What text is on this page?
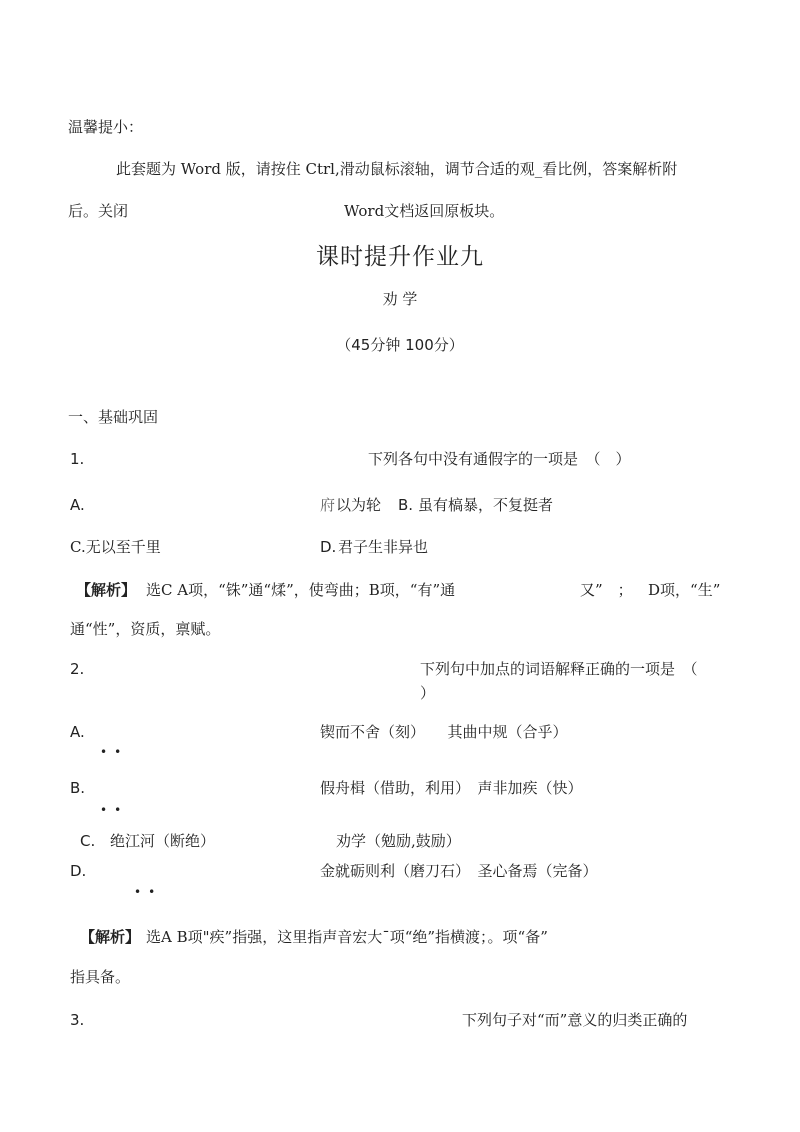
温馨提小：
此套题为 Word 版，请按住 Ctrl,滑动鼠标滚轴，调节合适的观_看比例，答案解析附
后。关闭	Word文档返回原板块。
课时提升作业九
劝 学
（45分钟 100分）
一、基础巩固
1.	下列各句中没有通假字的一项是　（　）
A.	府 以为轮 B. 虽有槁暴，不复挺者
C.无以至千里	D. 君子生非异也
【解析】 选C A项，“铢”通“煣”，使弯曲；B项，“有”通	又”　； D项，“生”
通“性”，资质，禀赋。
2.	下列句中加点的词语解释正确的一项是　（
）
A.	锲而不舍（刻）　　其曲中规（合乎）
••
B.	假舟楫（借助，利用）　声非加疾（快）
••
C. 绝江河（断绝）	劝学（勉励,鼓励）
D.	金就砺则利（磨刀石）　圣心备焉（完备）
••
【解析】 选A B项"疾”指强，这里指声音宏大ˉ项“绝”指横渡；。项“备”
指具备。
3.	下列句子对“而”意义的归类正确的
